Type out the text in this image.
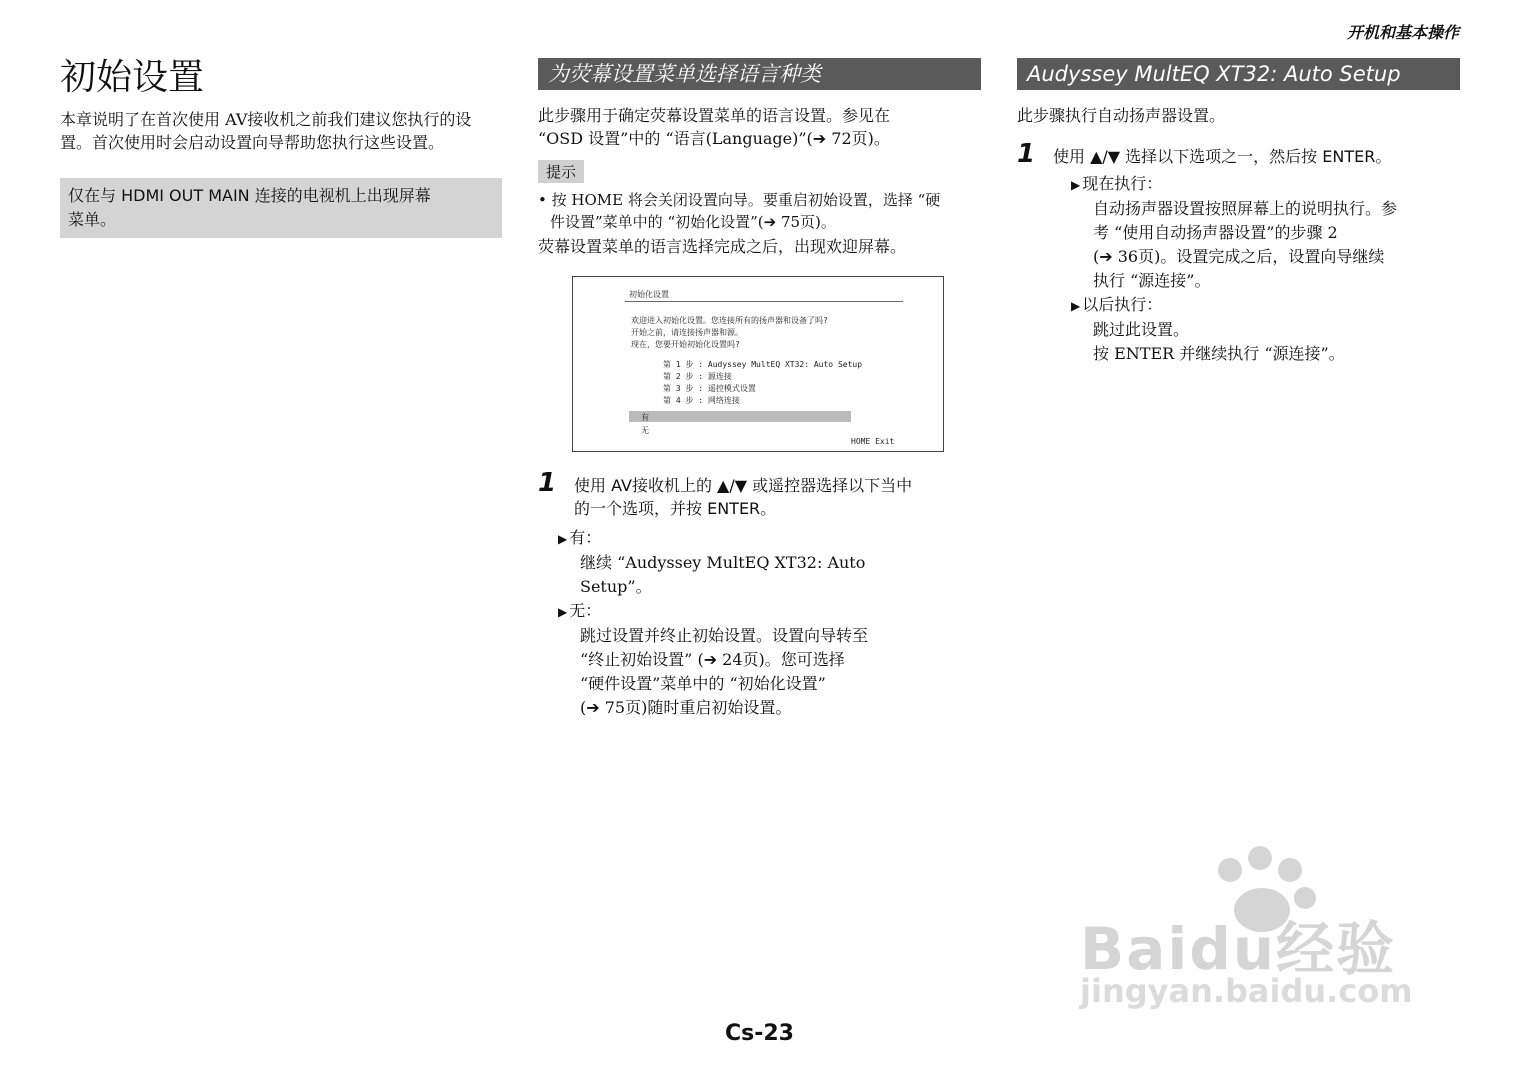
开机和基本操作
初始设置

本章说明了在首次使用 AV接收机之前我们建议您执行的设置。首次使用时会启动设置向导帮助您执行这些设置。

仅在与 HDMI OUT MAIN 连接的电视机上出现屏幕
菜单。
为荧幕设置菜单选择语言种类

此步骤用于确定荧幕设置菜单的语言设置。参见在

“OSD 设置”中的 “语言(Language)”(➔ 72页)。

提示

• 按 HOME 将会关闭设置向导。要重启初始设置，选择 “硬

件设置”菜单中的 “初始化设置”(➔ 75页)。

荧幕设置菜单的语言选择完成之后，出现欢迎屏幕。

初始化设置
欢迎进入初始化设置。您连接所有的扬声器和设备了吗?
开始之前，请连接扬声器和源。
现在，您要开始初始化设置吗?
第 1 步 : Audyssey MultEQ XT32: Auto Setup
第 2 步 : 源连接
第 3 步 : 遥控模式设置
第 4 步 : 网络连接
有
无
HOME Exit
1 使用 AV接收机上的 ▲/▼ 或遥控器选择以下当中
的一个选项，并按 ENTER。
▶ 有：
继续 “Audyssey MultEQ XT32: Auto
Setup”。
▶ 无：
跳过设置并终止初始设置。设置向导转至
“终止初始设置” (➔ 24页)。您可选择
“硬件设置”菜单中的 “初始化设置”
(➔ 75页)随时重启初始设置。
Audyssey MultEQ XT32: Auto Setup

此步骤执行自动扬声器设置。

1 使用 ▲/▼ 选择以下选项之一，然后按 ENTER。
▶ 现在执行：
自动扬声器设置按照屏幕上的说明执行。参
考 “使用自动扬声器设置”的步骤 2
(➔ 36页)。设置完成之后，设置向导继续
执行 “源连接”。
▶ 以后执行：
跳过此设置。
按 ENTER 并继续执行 “源连接”。
Baidu经验
jingyan.baidu.com
Cs-23
